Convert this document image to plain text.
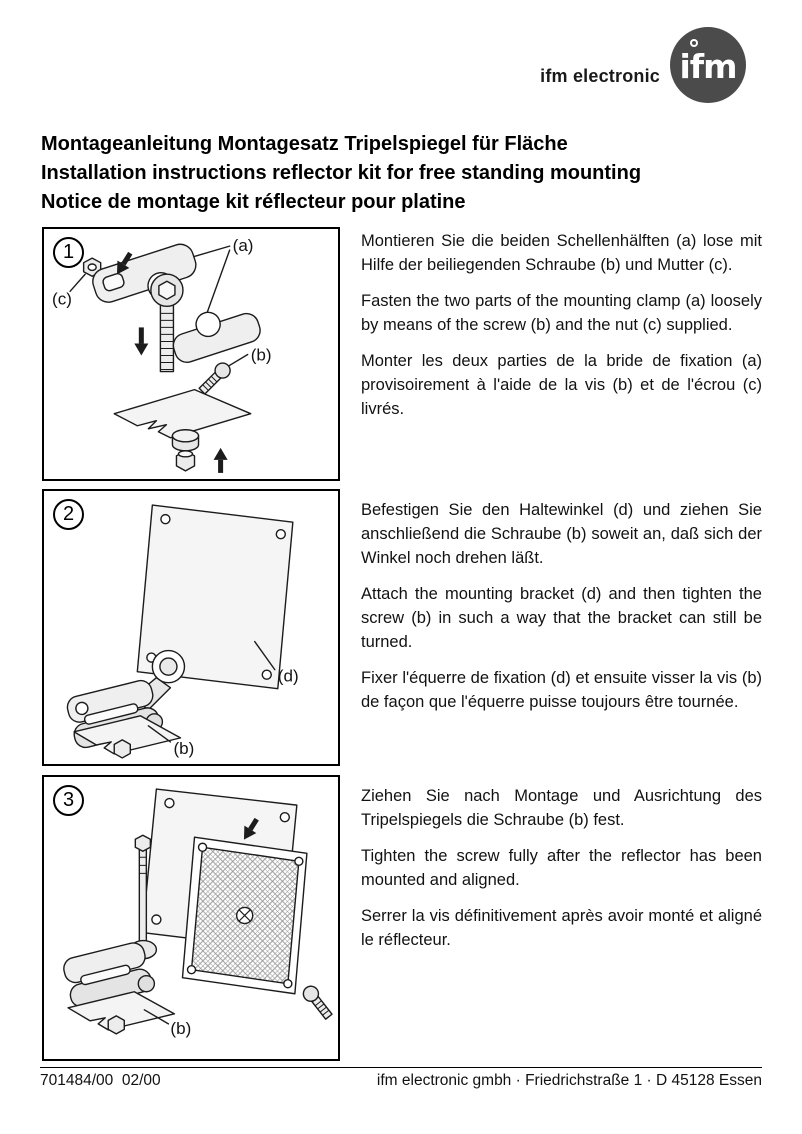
ifm electronic ifm
Montageanleitung Montagesatz Tripelspiegel für Fläche
Installation instructions reflector kit for free standing mounting
Notice de montage kit réflecteur pour platine
1	(a)
(b)
(c)

Montieren Sie die beiden Schellenhälften (a) lose mit Hilfe der beiliegenden Schraube (b) und Mutter (c).

Fasten the two parts of the mounting clamp (a) loosely by means of the screw (b) and the nut (c) supplied.

Monter les deux parties de la bride de fixation (a) provisoirement à l'aide de la vis (b) et de l'écrou (c) livrés.

2
(d)
(b)

Befestigen Sie den Haltewinkel (d) und ziehen Sie anschließend die Schraube (b) soweit an, daß sich der Winkel noch drehen läßt.

Attach the mounting bracket (d) and then tighten the screw (b) in such a way that the bracket can still be turned.

Fixer l'équerre de fixation (d) et ensuite visser la vis (b) de façon que l'équerre puisse toujours être tournée.

3
(b)

Ziehen Sie nach Montage und Ausrichtung des Tripelspiegels die Schraube (b) fest.

Tighten the screw fully after the reflector has been mounted and aligned.

Serrer la vis définitivement après avoir monté et aligné le réflecteur.

701484/00  02/00	ifm electronic gmbh · Friedrichstraße 1 · D 45128 Essen
